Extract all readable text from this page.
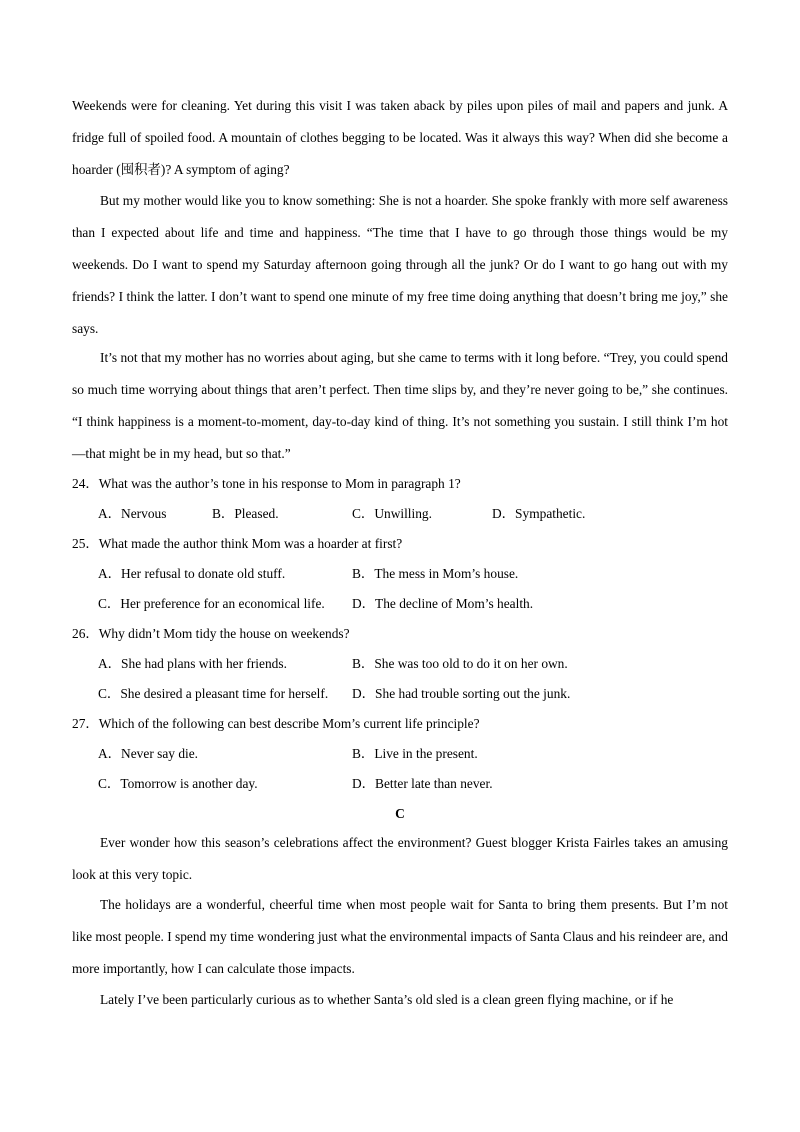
Weekends were for cleaning. Yet during this visit I was taken aback by piles upon piles of mail and papers and junk. A fridge full of spoiled food. A mountain of clothes begging to be located. Was it always this way? When did she become a hoarder (囤积者)? A symptom of aging?

But my mother would like you to know something: She is not a hoarder. She spoke frankly with more self awareness than I expected about life and time and happiness. “The time that I have to go through those things would be my weekends. Do I want to spend my Saturday afternoon going through all the junk? Or do I want to go hang out with my friends? I think the latter. I don’t want to spend one minute of my free time doing anything that doesn’t bring me joy,” she says.

It’s not that my mother has no worries about aging, but she came to terms with it long before. “Trey, you could spend so much time worrying about things that aren’t perfect. Then time slips by, and they’re never going to be,” she continues. “I think happiness is a moment-to-moment, day-to-day kind of thing. It’s not something you sustain. I still think I’m hot—that might be in my head, but so that.”

24．What was the author’s tone in his response to Mom in paragraph 1?

A．Nervous	B．Pleased.	C．Unwilling.	D．Sympathetic.

25．What made the author think Mom was a hoarder at first?

A．Her refusal to donate old stuff.	B．The mess in Mom’s house.

C．Her preference for an economical life. D．The decline of Mom’s health.

26．Why didn’t Mom tidy the house on weekends?

A．She had plans with her friends.	B．She was too old to do it on her own.

C．She desired a pleasant time for herself. D．She had trouble sorting out the junk.

27．Which of the following can best describe Mom’s current life principle?

A．Never say die.	B．Live in the present.

C．Tomorrow is another day.	D．Better late than never.

C

Ever wonder how this season’s celebrations affect the environment? Guest blogger Krista Fairles takes an amusing look at this very topic.

The holidays are a wonderful, cheerful time when most people wait for Santa to bring them presents. But I’m not like most people. I spend my time wondering just what the environmental impacts of Santa Claus and his reindeer are, and more importantly, how I can calculate those impacts.

Lately I’ve been particularly curious as to whether Santa’s old sled is a clean green flying machine, or if he
